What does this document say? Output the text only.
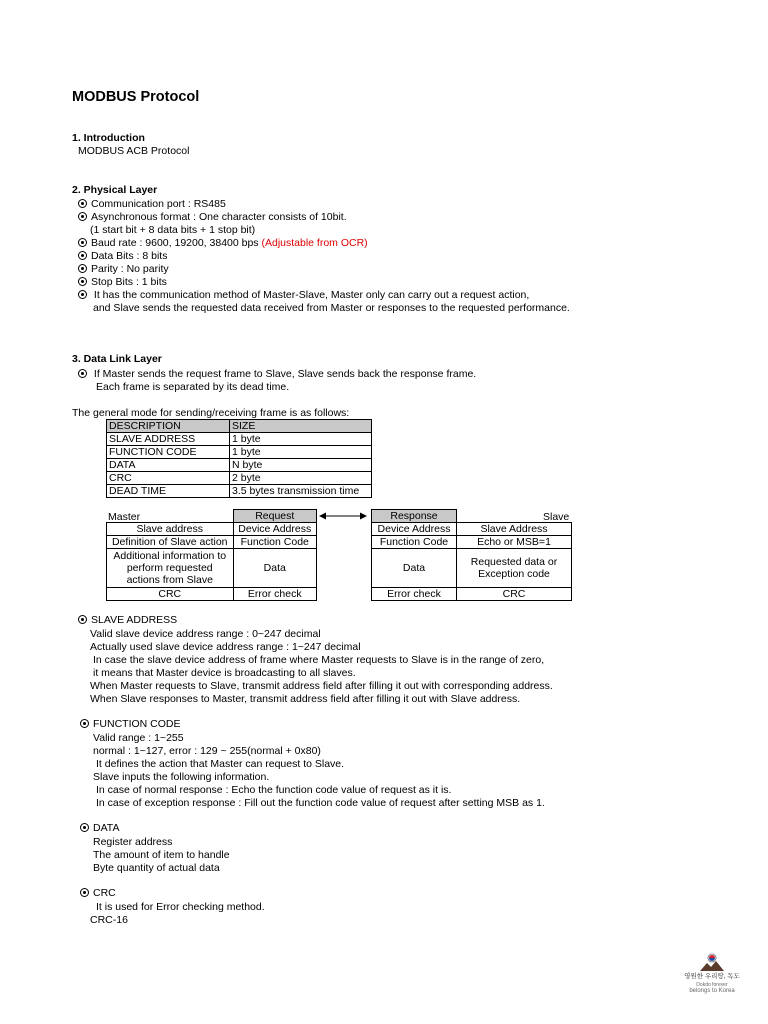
MODBUS Protocol
1. Introduction
MODBUS ACB Protocol
2. Physical Layer
Communication port : RS485
Asynchronous format : One character consists of 10bit.
(1 start bit + 8 data bits + 1 stop bit)
Baud rate : 9600, 19200, 38400 bps (Adjustable from OCR)
Data Bits : 8 bits
Parity : No parity
Stop Bits : 1 bits
It has the communication method of Master-Slave, Master only can carry out a request action,
and Slave sends the requested data received from Master or responses to the requested performance.
3. Data Link Layer
If Master sends the request frame to Slave, Slave sends back the response frame.
Each frame is separated by its dead time.
The general mode for sending/receiving frame is as follows:
DESCRIPTION	SIZE
SLAVE ADDRESS	1 byte
FUNCTION CODE	1 byte
DATA	N byte
CRC	2 byte
DEAD TIME	3.5 bytes transmission time
Master	Slave
	Request
Slave address	Device Address
Definition of Slave action	Function Code
Additional information to perform requested actions from Slave	Data
CRC	Error check
Response	
Device Address	Slave Address
Function Code	Echo or MSB=1
Data	Requested data or Exception code
Error check	CRC
SLAVE ADDRESS
Valid slave device address range : 0~247 decimal
Actually used slave device address range : 1~247 decimal
In case the slave device address of frame where Master requests to Slave is in the range of zero,
it means that Master device is broadcasting to all slaves.
When Master requests to Slave, transmit address field after filling it out with corresponding address.
When Slave responses to Master, transmit address field after filling it out with Slave address.
FUNCTION CODE
Valid range : 1~255
normal : 1~127, error : 129 ~ 255(normal + 0x80)
It defines the action that Master can request to Slave.
Slave inputs the following information.
In case of normal response : Echo the function code value of request as it is.
In case of exception response : Fill out the function code value of request after setting MSB as 1.
DATA
Register address
The amount of item to handle
Byte quantity of actual data
CRC
It is used for Error checking method.
CRC-16
영원한 우리땅, 독도
Dokdo forever
belongs to Korea
